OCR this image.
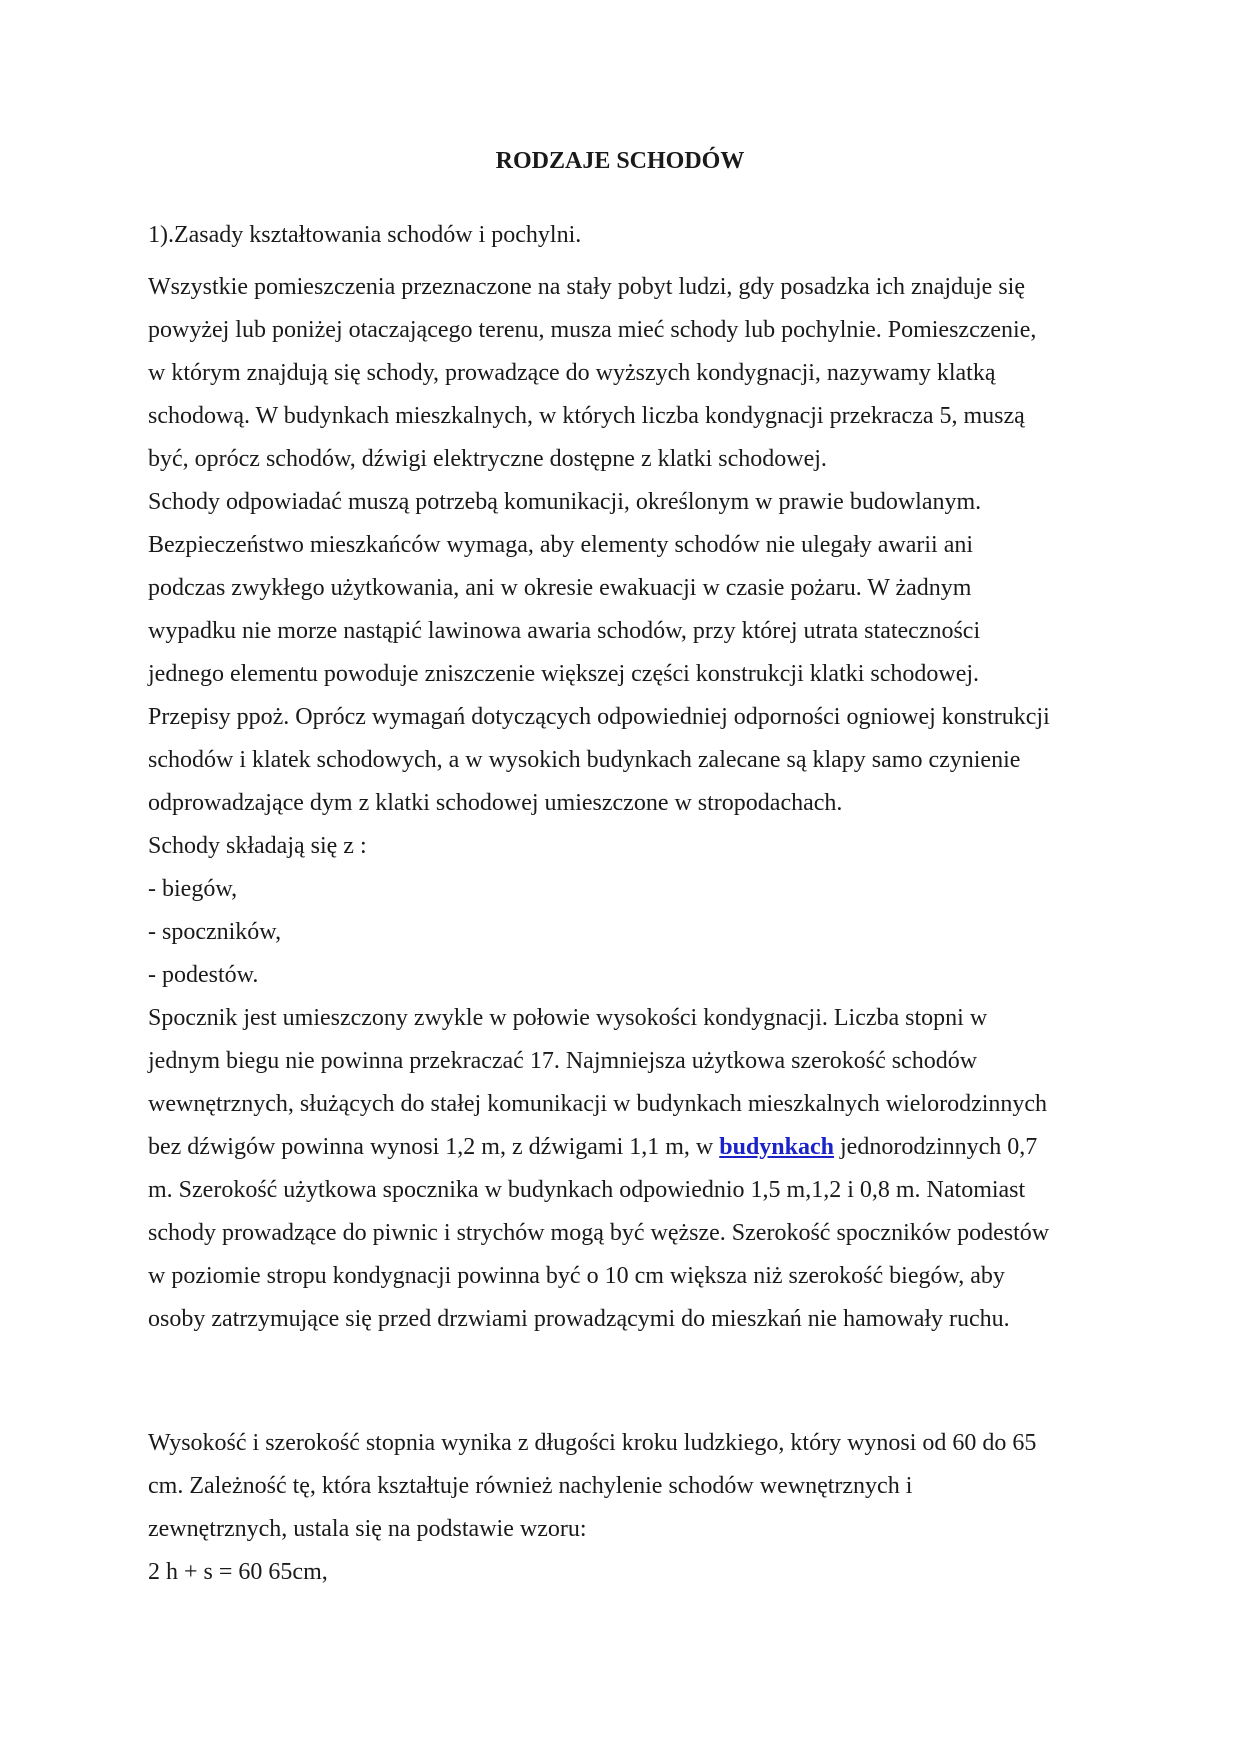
RODZAJE SCHODÓW

1).Zasady kształtowania schodów i pochylni.

Wszystkie pomieszczenia przeznaczone na stały pobyt ludzi, gdy posadzka ich znajduje się
powyżej lub poniżej otaczającego terenu, musza mieć schody lub pochylnie. Pomieszczenie,
w którym znajdują się schody, prowadzące do wyższych kondygnacji, nazywamy klatką
schodową. W budynkach mieszkalnych, w których liczba kondygnacji przekracza 5, muszą
być, oprócz schodów, dźwigi elektryczne dostępne z klatki schodowej.
Schody odpowiadać muszą potrzebą komunikacji, określonym w prawie budowlanym.
Bezpieczeństwo mieszkańców wymaga, aby elementy schodów nie ulegały awarii ani
podczas zwykłego użytkowania, ani w okresie ewakuacji w czasie pożaru. W żadnym
wypadku nie morze nastąpić lawinowa awaria schodów, przy której utrata stateczności
jednego elementu powoduje zniszczenie większej części konstrukcji klatki schodowej.
Przepisy ppoż. Oprócz wymagań dotyczących odpowiedniej odporności ogniowej konstrukcji
schodów i klatek schodowych, a w wysokich budynkach zalecane są klapy samo czynienie
odprowadzające dym z klatki schodowej umieszczone w stropodachach.
Schody składają się z :
- biegów,
- spoczników,
- podestów.
Spocznik jest umieszczony zwykle w połowie wysokości kondygnacji. Liczba stopni w
jednym biegu nie powinna przekraczać 17. Najmniejsza użytkowa szerokość schodów
wewnętrznych, służących do stałej komunikacji w budynkach mieszkalnych wielorodzinnych
bez dźwigów powinna wynosi 1,2 m, z dźwigami 1,1 m, w budynkach jednorodzinnych 0,7
m. Szerokość użytkowa spocznika w budynkach odpowiednio 1,5 m,1,2 i 0,8 m. Natomiast
schody prowadzące do piwnic i strychów mogą być węższe. Szerokość spoczników podestów
w poziomie stropu kondygnacji powinna być o 10 cm większa niż szerokość biegów, aby
osoby zatrzymujące się przed drzwiami prowadzącymi do mieszkań nie hamowały ruchu.
Wysokość i szerokość stopnia wynika z długości kroku ludzkiego, który wynosi od 60 do 65
cm. Zależność tę, która kształtuje również nachylenie schodów wewnętrznych i
zewnętrznych, ustala się na podstawie wzoru:
2 h + s = 60 65cm,
